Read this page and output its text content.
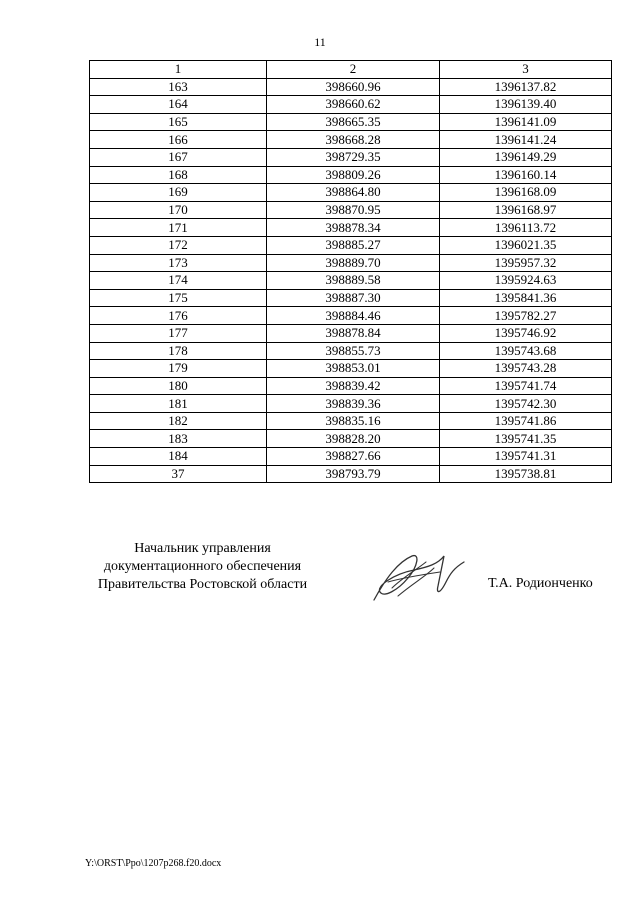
11
1	2	3
163	398660.96	1396137.82
164	398660.62	1396139.40
165	398665.35	1396141.09
166	398668.28	1396141.24
167	398729.35	1396149.29
168	398809.26	1396160.14
169	398864.80	1396168.09
170	398870.95	1396168.97
171	398878.34	1396113.72
172	398885.27	1396021.35
173	398889.70	1395957.32
174	398889.58	1395924.63
175	398887.30	1395841.36
176	398884.46	1395782.27
177	398878.84	1395746.92
178	398855.73	1395743.68
179	398853.01	1395743.28
180	398839.42	1395741.74
181	398839.36	1395742.30
182	398835.16	1395741.86
183	398828.20	1395741.35
184	398827.66	1395741.31
37	398793.79	1395738.81
Начальник управления
документационного обеспечения
Правительства Ростовской области	Т.А. Родионченко
Y:\ORST\Ppo\1207p268.f20.docx
